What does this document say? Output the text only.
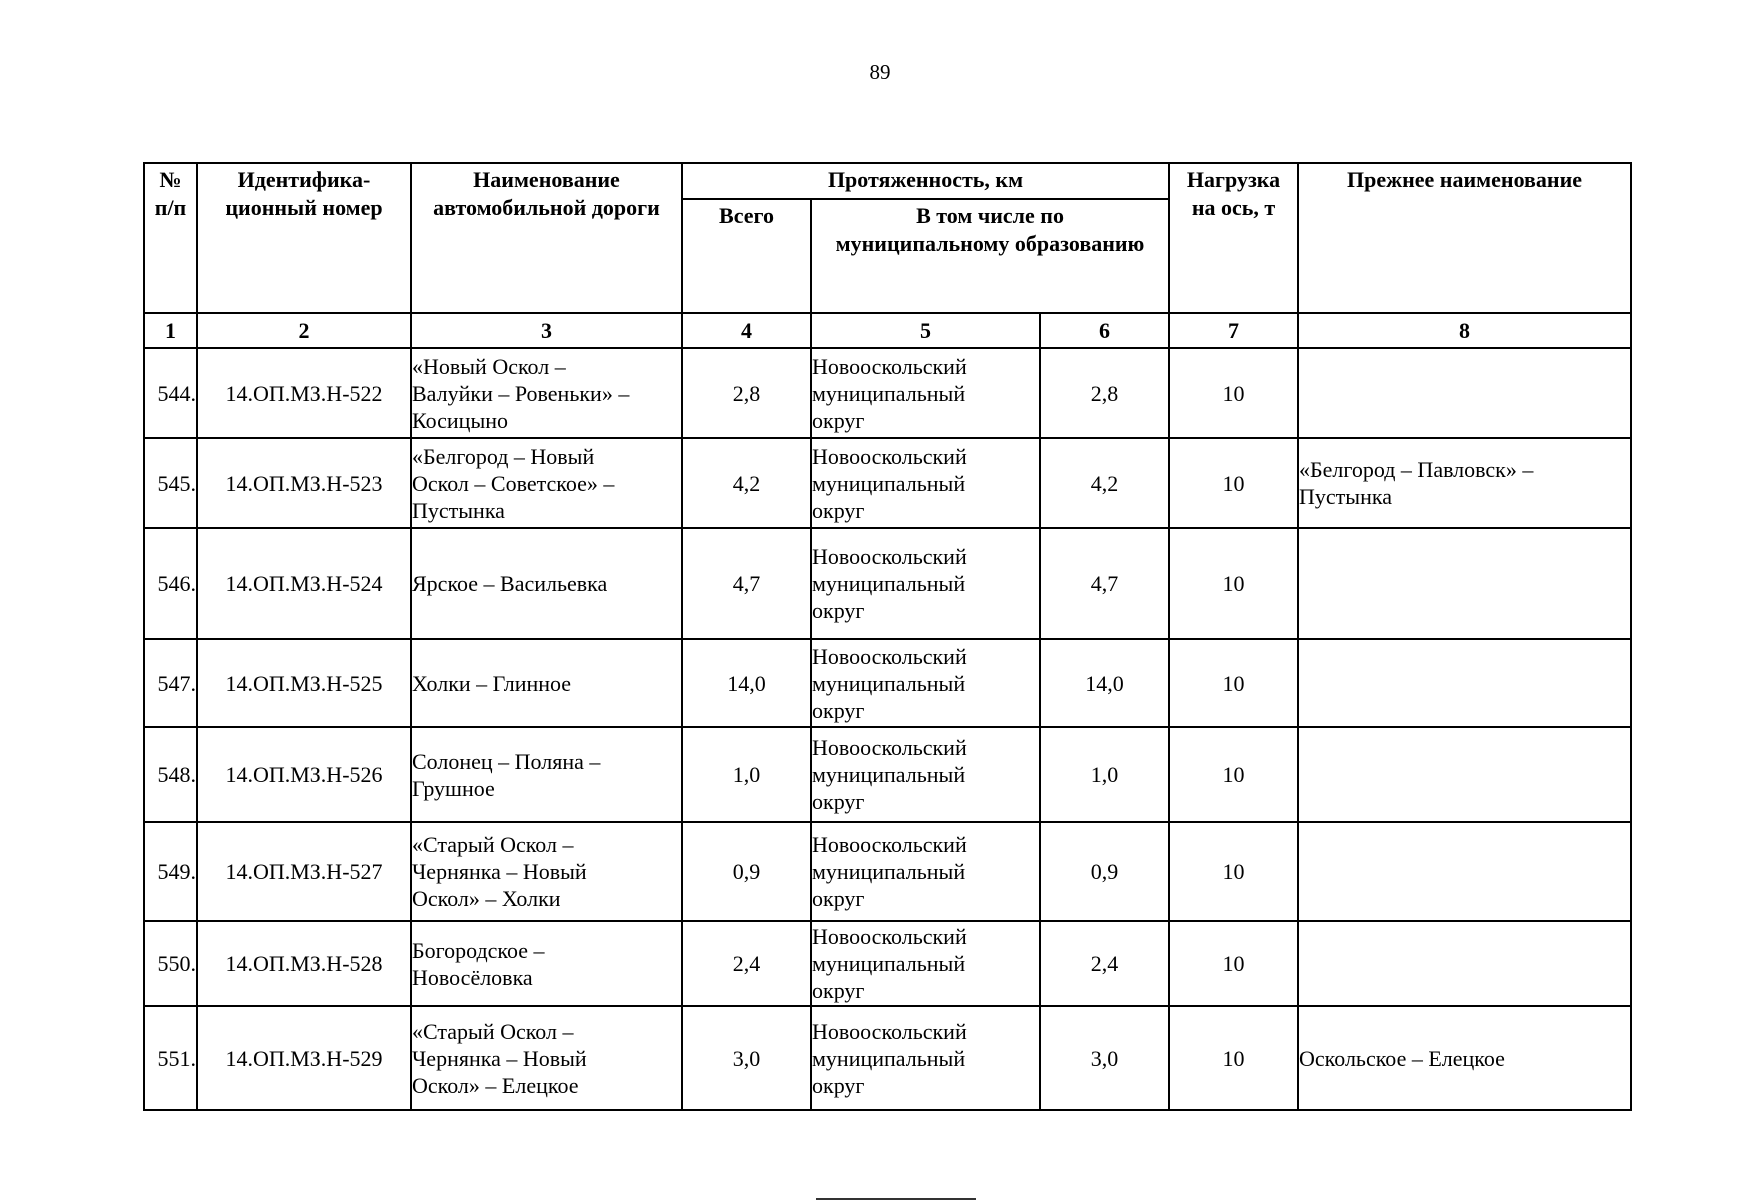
89
№
п/п	Идентифика-
ционный номер	Наименование
автомобильной дороги	Протяженность, км			Нагрузка
на ось, т	Прежнее наименование
			Всего	В том числе по
муниципальному образованию			
1	2	3	4	5	6	7	8
544.	14.ОП.МЗ.Н-522	«Новый Оскол –
Валуйки – Ровеньки» –
Косицыно	2,8	Новооскольский
муниципальный
округ	2,8	10	
545.	14.ОП.МЗ.Н-523	«Белгород – Новый
Оскол – Советское» –
Пустынка	4,2	Новооскольский
муниципальный
округ	4,2	10	«Белгород – Павловск» –
Пустынка
546.	14.ОП.МЗ.Н-524	Ярское – Васильевка	4,7	Новооскольский
муниципальный
округ	4,7	10	
547.	14.ОП.МЗ.Н-525	Холки – Глинное	14,0	Новооскольский
муниципальный
округ	14,0	10	
548.	14.ОП.МЗ.Н-526	Солонец – Поляна –
Грушное	1,0	Новооскольский
муниципальный
округ	1,0	10	
549.	14.ОП.МЗ.Н-527	«Старый Оскол –
Чернянка – Новый
Оскол» – Холки	0,9	Новооскольский
муниципальный
округ	0,9	10	
550.	14.ОП.МЗ.Н-528	Богородское –
Новосёловка	2,4	Новооскольский
муниципальный
округ	2,4	10	
551.	14.ОП.МЗ.Н-529	«Старый Оскол –
Чернянка – Новый
Оскол» – Елецкое	3,0	Новооскольский
муниципальный
округ	3,0	10	Оскольское – Елецкое
